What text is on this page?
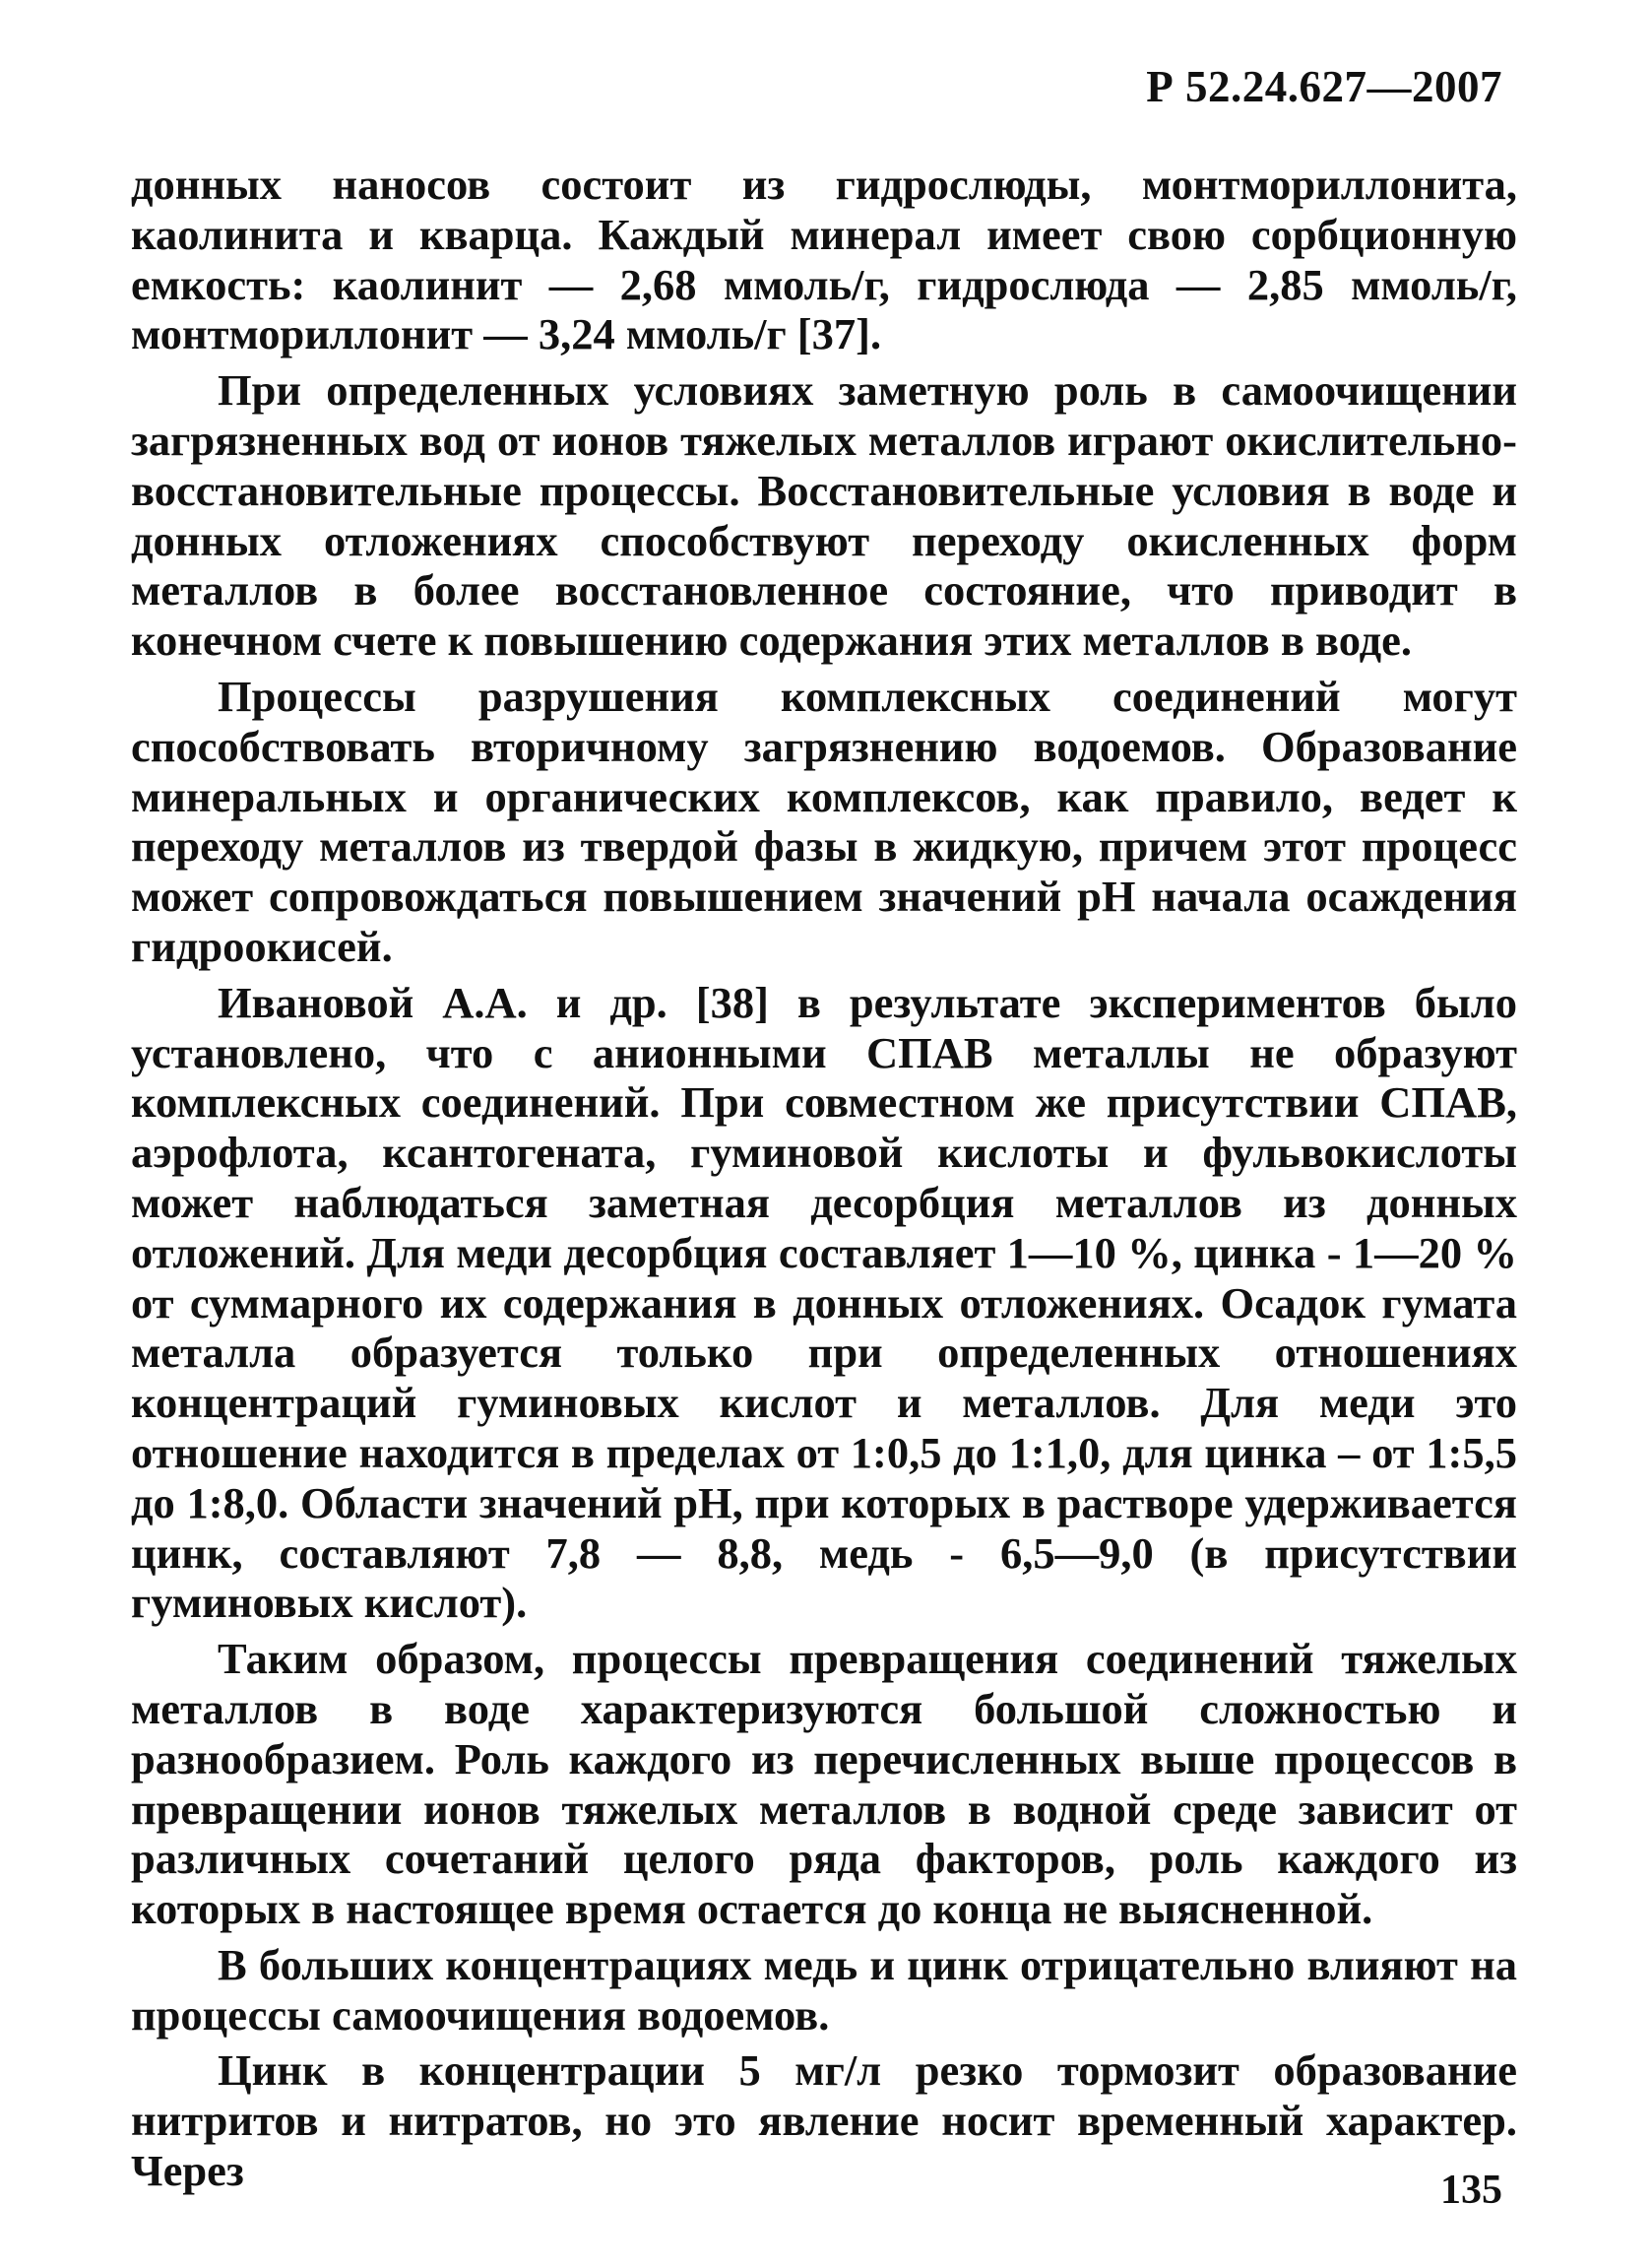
Р 52.24.627—2007

донных наносов состоит из гидрослюды, монтмориллонита, каолинита и кварца. Каждый минерал имеет свою сорбционную емкость: каолинит — 2,68 ммоль/г, гидрослюда — 2,85 ммоль/г, монтмориллонит — 3,24 ммоль/г [37].

При определенных условиях заметную роль в самоочищении загрязненных вод от ионов тяжелых металлов играют окислительно-восстановительные процессы. Восстановительные условия в воде и донных отложениях способствуют переходу окисленных форм металлов в более восстановленное состояние, что приводит в конечном счете к повышению содержания этих металлов в воде.

Процессы разрушения комплексных соединений могут способствовать вторичному загрязнению водоемов. Образование минеральных и органических комплексов, как правило, ведет к переходу металлов из твердой фазы в жидкую, причем этот процесс может сопровождаться повышением значений pH начала осаждения гидроокисей.

Ивановой А.А. и др. [38] в результате экспериментов было установлено, что с анионными СПАВ металлы не образуют комплексных соединений. При совместном же присутствии СПАВ, аэрофлота, ксантогената, гуминовой кислоты и фульвокислоты может наблюдаться заметная десорбция металлов из донных отложений. Для меди десорбция составляет 1—10 %, цинка - 1—20 % от суммарного их содержания в донных отложениях. Осадок гумата металла образуется только при определенных отношениях концентраций гуминовых кислот и металлов. Для меди это отношение находится в пределах от 1:0,5 до 1:1,0, для цинка – от 1:5,5 до 1:8,0. Области значений pH, при которых в растворе удерживается цинк, составляют 7,8 — 8,8, медь - 6,5—9,0 (в присутствии гуминовых кислот).

Таким образом, процессы превращения соединений тяжелых металлов в воде характеризуются большой сложностью и разнообразием. Роль каждого из перечисленных выше процессов в превращении ионов тяжелых металлов в водной среде зависит от различных сочетаний целого ряда факторов, роль каждого из которых в настоящее время остается до конца не выясненной.

В больших концентрациях медь и цинк отрицательно влияют на процессы самоочищения водоемов.

Цинк в концентрации 5 мг/л резко тормозит образование нитритов и нитратов, но это явление носит временный характер. Через	135
